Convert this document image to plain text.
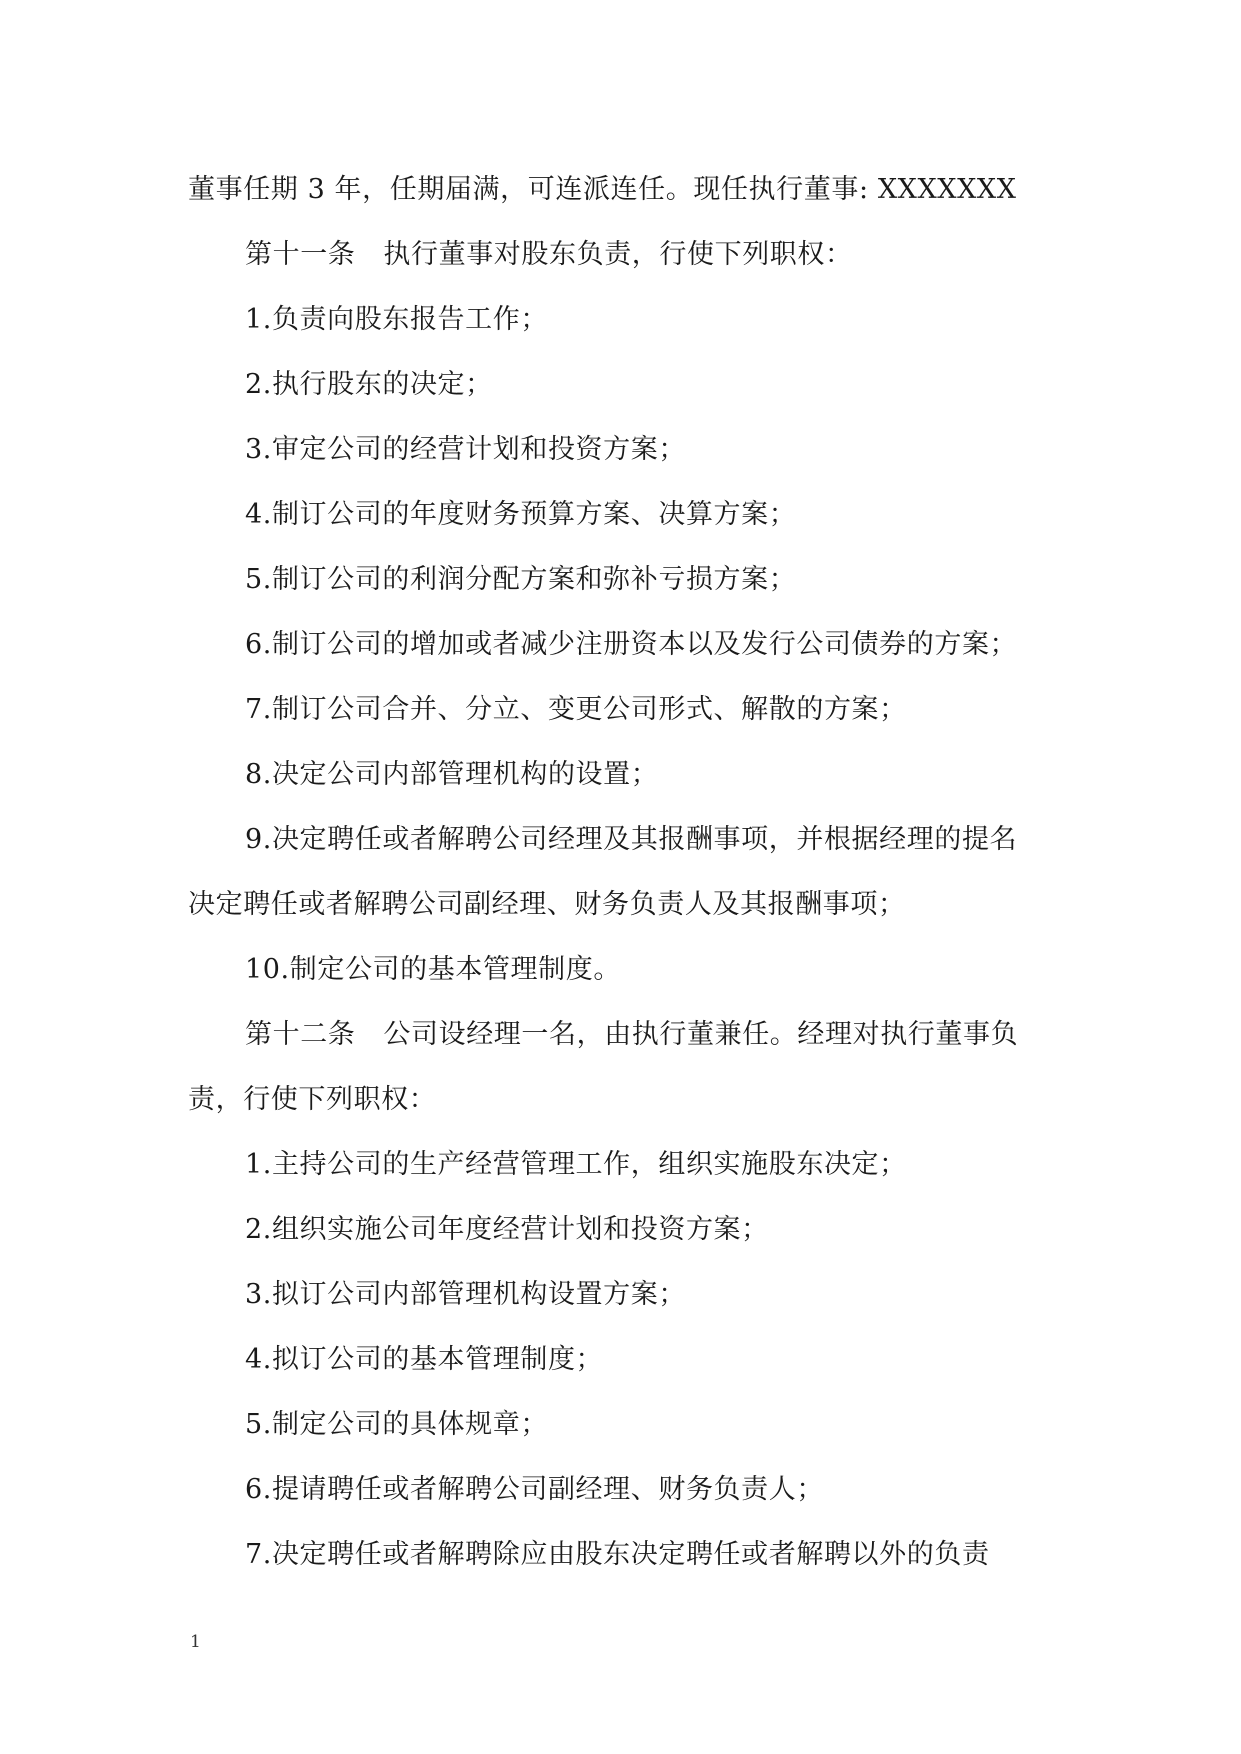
董事任期 3 年，任期届满，可连派连任。现任执行董事: XXXXXXX
第十一条 执行董事对股东负责，行使下列职权：
1.负责向股东报告工作；
2.执行股东的决定；
3.审定公司的经营计划和投资方案；
4.制订公司的年度财务预算方案、决算方案；
5.制订公司的利润分配方案和弥补亏损方案；
6.制订公司的增加或者减少注册资本以及发行公司债券的方案；
7.制订公司合并、分立、变更公司形式、解散的方案；
8.决定公司内部管理机构的设置；
9.决定聘任或者解聘公司经理及其报酬事项，并根据经理的提名
决定聘任或者解聘公司副经理、财务负责人及其报酬事项；
10.制定公司的基本管理制度。
第十二条 公司设经理一名，由执行董兼任。经理对执行董事负
责，行使下列职权：
1.主持公司的生产经营管理工作，组织实施股东决定；
2.组织实施公司年度经营计划和投资方案；
3.拟订公司内部管理机构设置方案；
4.拟订公司的基本管理制度；
5.制定公司的具体规章；
6.提请聘任或者解聘公司副经理、财务负责人；
7.决定聘任或者解聘除应由股东决定聘任或者解聘以外的负责
1
